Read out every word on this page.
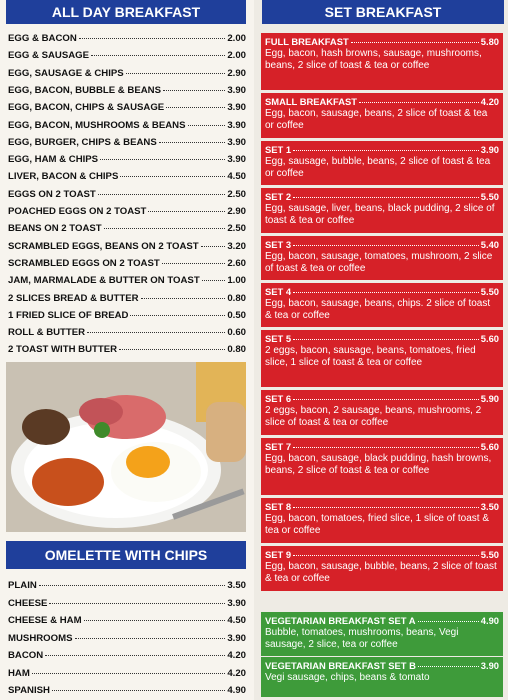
ALL DAY BREAKFAST
EGG & BACON	2.00
EGG & SAUSAGE	2.00
EGG, SAUSAGE & CHIPS	2.90
EGG, BACON, BUBBLE & BEANS	3.90
EGG, BACON, CHIPS & SAUSAGE	3.90
EGG, BACON, MUSHROOMS & BEANS	3.90
EGG, BURGER, CHIPS & BEANS	3.90
EGG, HAM & CHIPS	3.90
LIVER, BACON & CHIPS	4.50
EGGS ON 2 TOAST	2.50
POACHED EGGS ON 2 TOAST	2.90
BEANS ON 2 TOAST	2.50
SCRAMBLED EGGS, BEANS ON 2 TOAST	3.20
SCRAMBLED EGGS ON 2 TOAST	2.60
JAM, MARMALADE & BUTTER ON TOAST	1.00
2 SLICES BREAD & BUTTER	0.80
1 FRIED SLICE OF BREAD	0.50
ROLL & BUTTER	0.60
2 TOAST WITH BUTTER	0.80
OMELETTE WITH CHIPS
PLAIN	3.50
CHEESE	3.90
CHEESE & HAM	4.50
MUSHROOMS	3.90
BACON	4.20
HAM	4.20
SPANISH	4.90
SET BREAKFAST
FULL BREAKFAST	5.80
Egg, bacon, hash browns, sausage, mushrooms, beans, 2 slice of toast & tea or coffee
SMALL BREAKFAST	4.20
Egg, bacon, sausage, beans, 2 slice of toast & tea or coffee
SET 1	3.90
Egg, sausage, bubble, beans, 2 slice of toast & tea or coffee
SET 2	5.50
Egg, sausage, liver, beans, black pudding, 2 slice of toast & tea or coffee
SET 3	5.40
Egg, bacon, sausage, tomatoes, mushroom, 2 slice of toast & tea or coffee
SET 4	5.50
Egg, bacon, sausage, beans, chips. 2 slice of toast & tea or coffee
SET 5	5.60
2 eggs, bacon, sausage, beans, tomatoes, fried slice, 1 slice of toast & tea or coffee
SET 6	5.90
2 eggs, bacon, 2 sausage, beans, mushrooms, 2 slice of toast & tea or coffee
SET 7	5.60
Egg, bacon, sausage, black pudding, hash browns, beans, 2 slice of toast & tea or coffee
SET 8	3.50
Egg, bacon, tomatoes, fried slice, 1 slice of toast & tea or coffee
SET 9	5.50
Egg, bacon, sausage, bubble, beans, 2 slice of toast & tea or coffee
VEGETARIAN BREAKFAST SET A	4.90
Bubble, tomatoes, mushrooms, beans, Vegi sausage, 2 slice, tea or coffee
VEGETARIAN BREAKFAST SET B	3.90
Vegi sausage, chips, beans & tomato
